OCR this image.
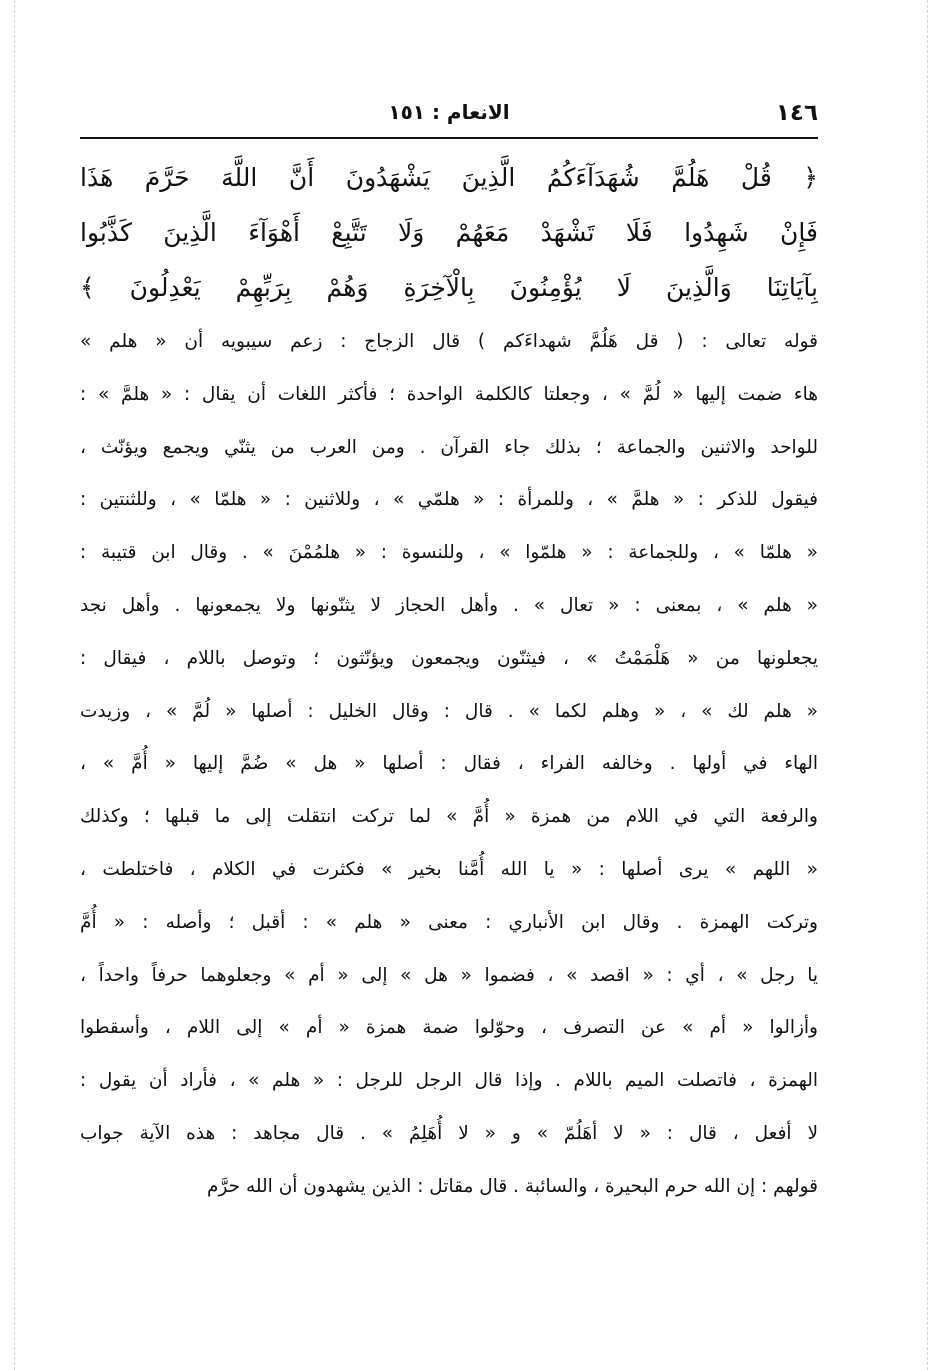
١٤٦
الانعام : ١٥١
﴿ قُلْ هَلُمَّ شُهَدَآءَكُمُ الَّذِينَ يَشْهَدُونَ أَنَّ اللَّهَ حَرَّمَ هَذَا
فَإِنْ شَهِدُوا فَلَا تَشْهَدْ مَعَهُمْ وَلَا تَتَّبِعْ أَهْوَآءَ الَّذِينَ كَذَّبُوا
بِآيَاتِنَا وَالَّذِينَ لَا يُؤْمِنُونَ بِالْآخِرَةِ وَهُمْ بِرَبِّهِمْ يَعْدِلُونَ ﴾
قوله تعالى : ( قل هَلُمَّ شهداءَكم ) قال الزجاج : زعم سيبويه أن « هلم »
هاء ضمت إليها « لُمَّ » ، وجعلتا كالكلمة الواحدة ؛ فأكثر اللغات أن يقال : « هلمَّ » :
للواحد والاثنين والجماعة ؛ بذلك جاء القرآن . ومن العرب من يثنّي ويجمع ويؤنّث ،
فيقول للذكر : « هلمَّ » ، وللمرأة : « هلمّي » ، وللاثنين : « هلمّا » ، وللثنتين :
« هلمّا » ، وللجماعة : « هلمّوا » ، وللنسوة : « هلمُمْنَ » . وقال ابن قتيبة :
« هلم » ، بمعنى : « تعال » . وأهل الحجاز لا يثنّونها ولا يجمعونها . وأهل نجد
يجعلونها من « هَلْمَمْتُ » ، فيثنّون ويجمعون ويؤنّثون ؛ وتوصل باللام ، فيقال :
« هلم لك » ، « وهلم لكما » . قال : وقال الخليل : أصلها « لُمَّ » ، وزيدت
الهاء في أولها . وخالفه الفراء ، فقال : أصلها « هل » ضُمَّ إليها « أُمَّ » ،
والرفعة التي في اللام من همزة « أُمَّ » لما تركت انتقلت إلى ما قبلها ؛ وكذلك
« اللهم » يرى أصلها : « يا الله أُمَّنا بخير » فكثرت في الكلام ، فاختلطت ،
وتركت الهمزة . وقال ابن الأنباري : معنى « هلم » : أقبل ؛ وأصله : « أُمَّ
يا رجل » ، أي : « اقصد » ، فضموا « هل » إلى « أم » وجعلوهما حرفاً واحداً ،
وأزالوا « أم » عن التصرف ، وحوّلوا ضمة همزة « أم » إلى اللام ، وأسقطوا
الهمزة ، فاتصلت الميم باللام . وإذا قال الرجل للرجل : « هلم » ، فأراد أن يقول :
لا أفعل ، قال : « لا أهَلُمّ » و « لا أُهَلِمُ » . قال مجاهد : هذه الآية جواب
قولهم : إن الله حرم البحيرة ، والسائبة . قال مقاتل : الذين يشهدون أن الله حرَّم
